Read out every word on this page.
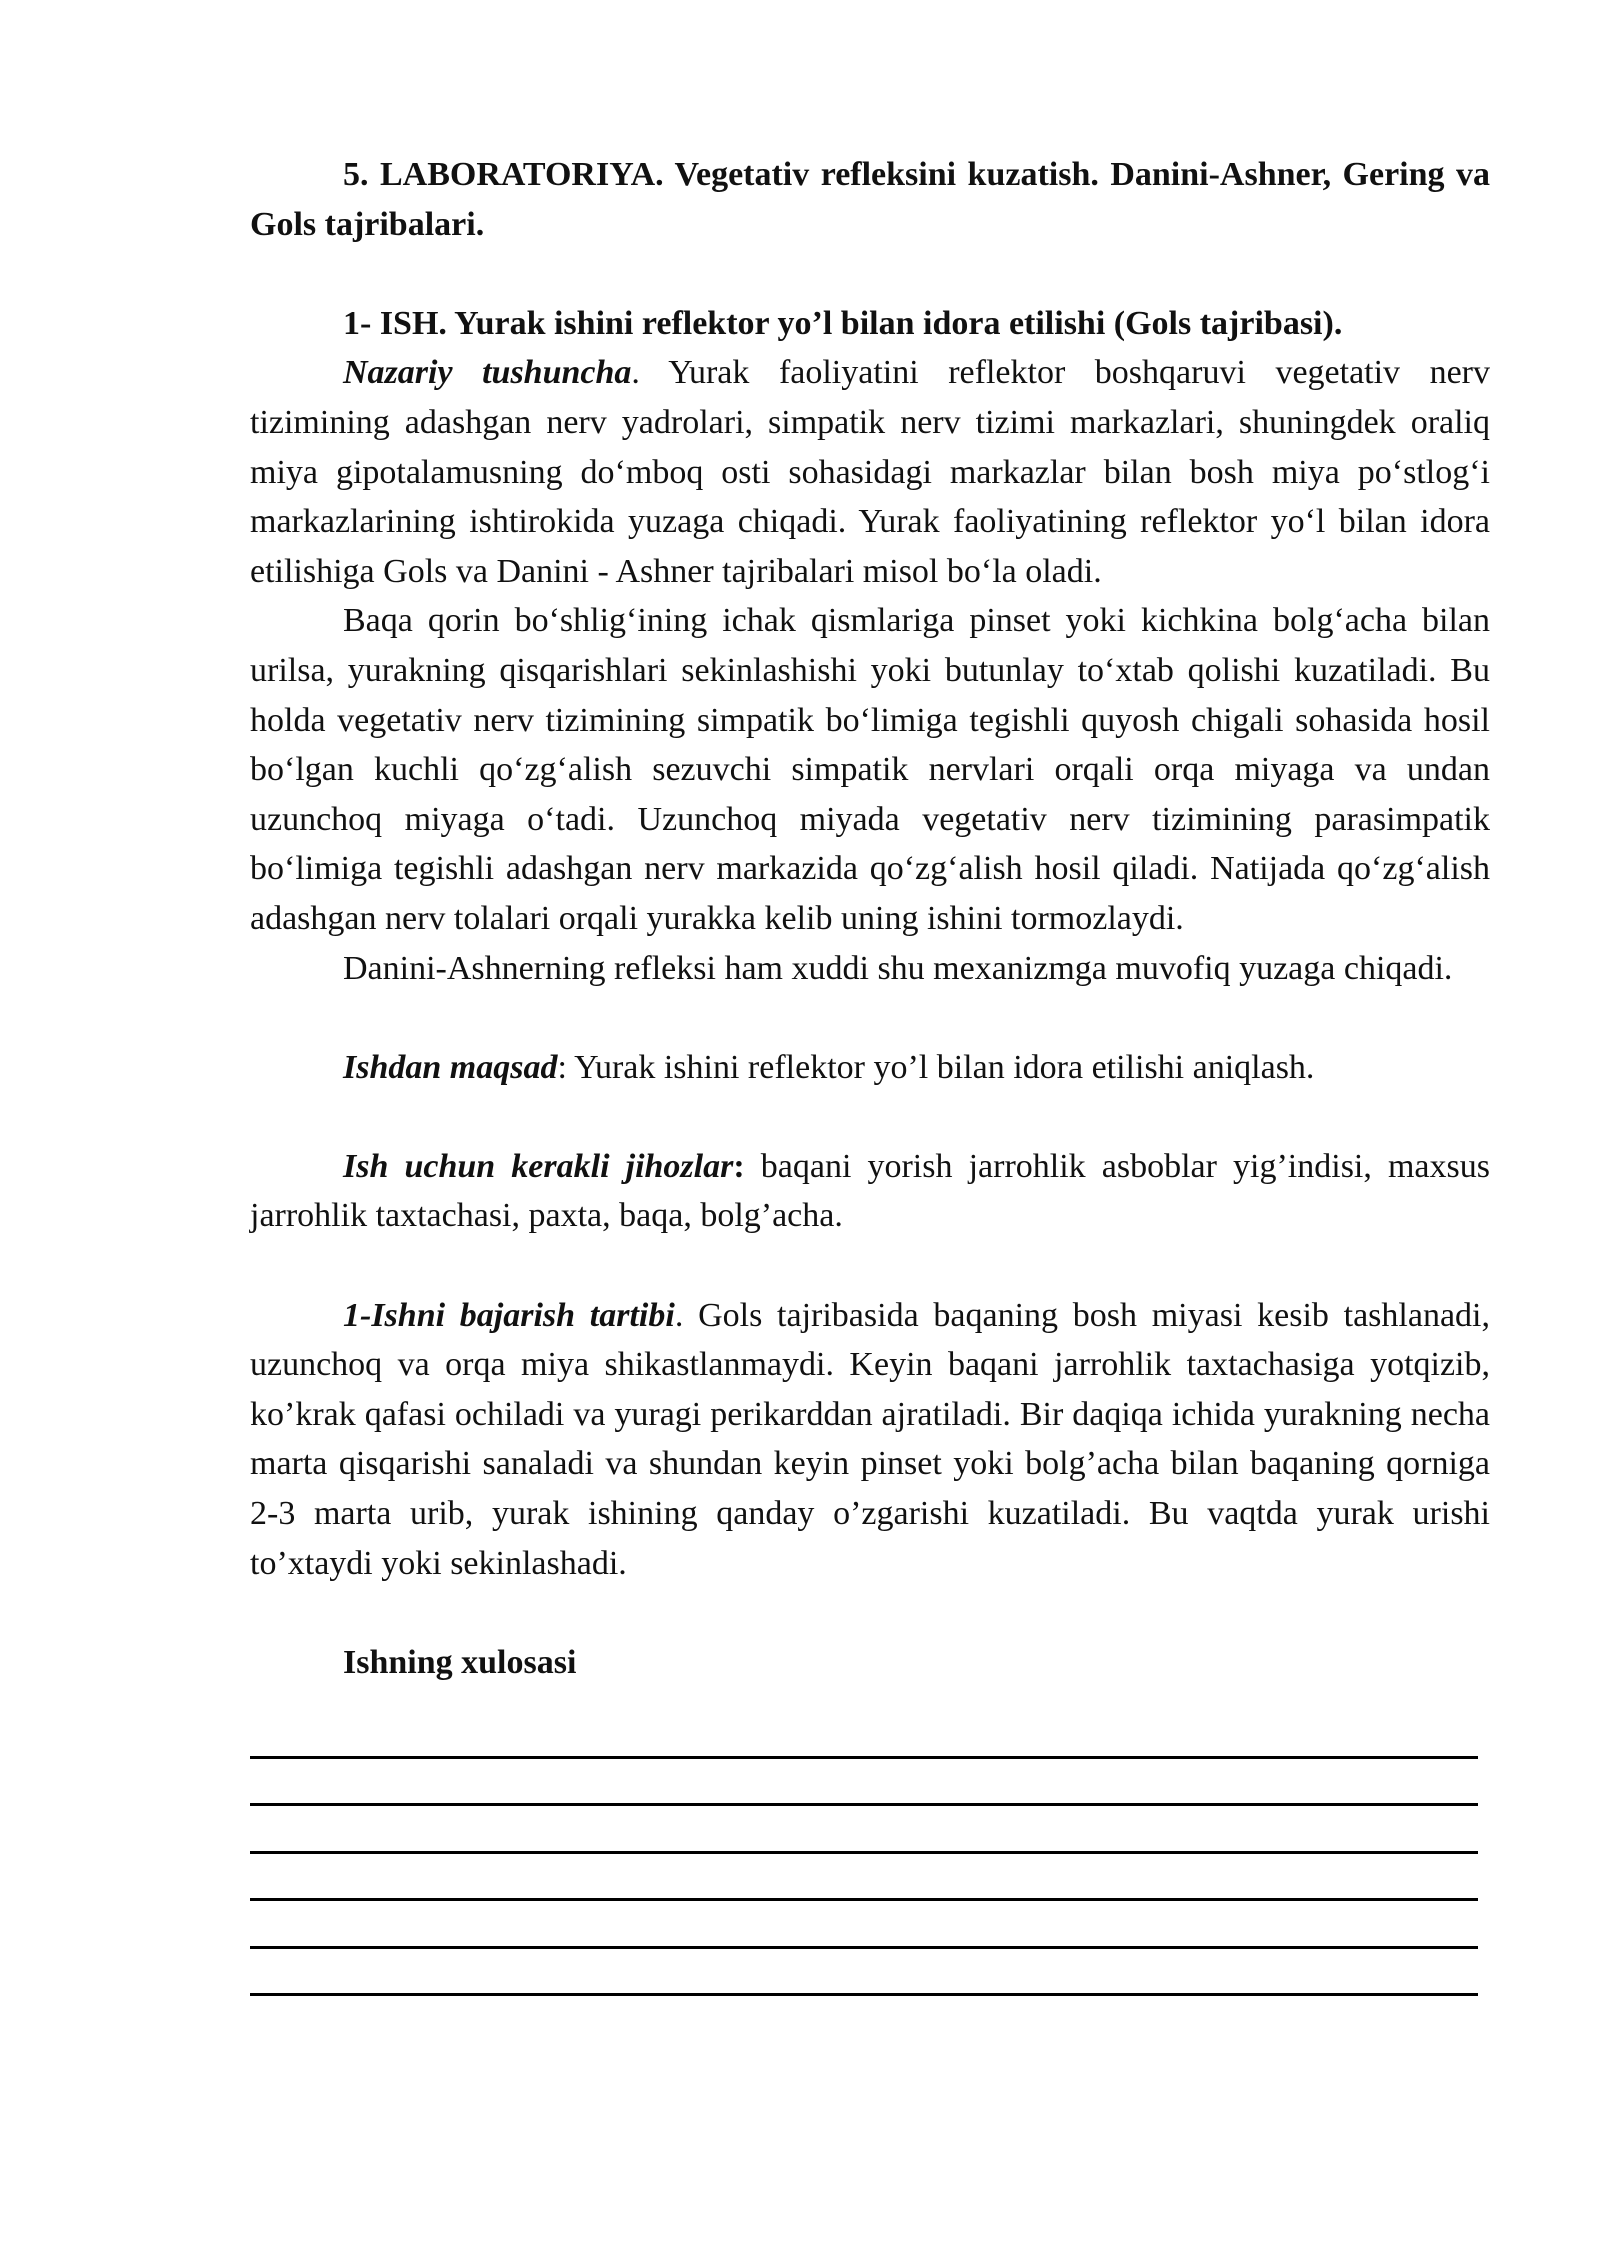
5. LABORATORIYA. Vegetativ refleksini kuzatish. Danini-Ashner, Gering va Gols tajribalari.

1- ISH. Yurak ishini reflektor yo’l bilan idora etilishi (Gols tajribasi).

Nazariy tushuncha. Yurak faoliyatini reflektor boshqaruvi vegetativ nerv tizimining adashgan nerv yadrolari, simpatik nerv tizimi markazlari, shuningdek oraliq miya gipotalamusning do‘mboq osti sohasidagi markazlar bilan bosh miya po‘stlog‘i markazlarining ishtirokida yuzaga chiqadi. Yurak faoliyatining reflektor yo‘l bilan idora etilishiga Gols va Danini - Ashner tajribalari misol bo‘la oladi.

Baqa qorin bo‘shlig‘ining ichak qismlariga pinset yoki kichkina bolg‘acha bilan urilsa, yurakning qisqarishlari sekinlashishi yoki butunlay to‘xtab qolishi kuzatiladi. Bu holda vegetativ nerv tizimining simpatik bo‘limiga tegishli quyosh chigali sohasida hosil bo‘lgan kuchli qo‘zg‘alish sezuvchi simpatik nervlari orqali orqa miyaga va undan uzunchoq miyaga o‘tadi. Uzunchoq miyada vegetativ nerv tizimining parasimpatik bo‘limiga tegishli adashgan nerv markazida qo‘zg‘alish hosil qiladi. Natijada qo‘zg‘alish adashgan nerv tolalari orqali yurakka kelib uning ishini tormozlaydi.

Danini-Ashnerning refleksi ham xuddi shu mexanizmga muvofiq yuzaga chiqadi.

Ishdan maqsad: Yurak ishini reflektor yo’l bilan idora etilishi aniqlash.

Ish uchun kerakli jihozlar: baqani yorish jarrohlik asboblar yig’indisi, maxsus jarrohlik taxtachasi, paxta, baqa, bolg’acha.

1-Ishni bajarish tartibi. Gols tajribasida baqaning bosh miyasi kesib tashlanadi, uzunchoq va orqa miya shikastlanmaydi. Keyin baqani jarrohlik taxtachasiga yotqizib, ko’krak qafasi ochiladi va yuragi perikarddan ajratiladi. Bir daqiqa ichida yurakning necha marta qisqarishi sanaladi va shundan keyin pinset yoki bolg’acha bilan baqaning qorniga 2-3 marta urib, yurak ishining qanday o’zgarishi kuzatiladi. Bu vaqtda yurak urishi to’xtaydi yoki sekinlashadi.

Ishning xulosasi
